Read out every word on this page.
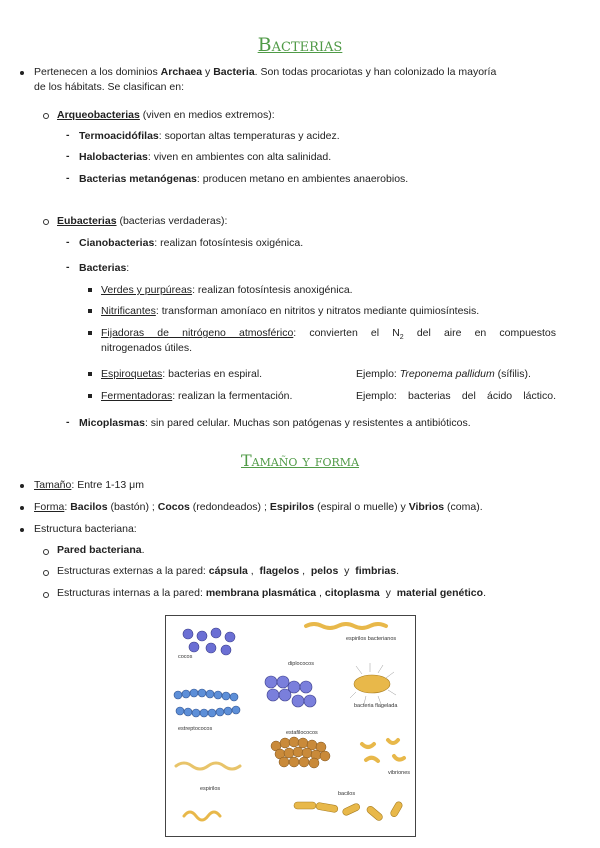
Bacterias
Pertenecen a los dominios Archaea y Bacteria. Son todas procariotas y han colonizado la mayoría
de los hábitats. Se clasifican en:
Arqueobacterias (viven en medios extremos):
- Termoacidófilas: soportan altas temperaturas y acidez.
- Halobacterias: viven en ambientes con alta salinidad.
- Bacterias metanógenas: producen metano en ambientes anaerobios.
Eubacterias (bacterias verdaderas):
- Cianobacterias: realizan fotosíntesis oxigénica.
- Bacterias:
Verdes y purpúreas: realizan fotosíntesis anoxigénica.
Nitrificantes: transforman amoníaco en nitritos y nitratos mediante quimiosíntesis.
Fijadoras de nitrógeno atmosférico: convierten el $N_2$ del aire en compuestos
nitrogenados útiles.
Espiroquetas: bacterias en espiral.	Ejemplo: Treponema pallidum (sífilis).
Fermentadoras: realizan la fermentación.	Ejemplo: bacterias del ácido láctico.
- Micoplasmas: sin pared celular. Muchas son patógenas y resistentes a antibióticos.
Tamaño y forma
Tamaño: Entre 1-13 μm
Forma: Bacilos (bastón) ; Cocos (redondeados) ; Espirilos (espiral o muelle) y Vibrios (coma).
Estructura bacteriana:
Pared bacteriana.
Estructuras externas a la pared: cápsula ,  flagelos ,  pelos  y  fimbrias.
Estructuras internas a la pared: membrana plasmática , citoplasma  y  material genético.
cocos
espirilos bacterianos
diplococos
bacteria flagelada
estreptococos
estafilococos
vibriones
espirilos
bacilos
